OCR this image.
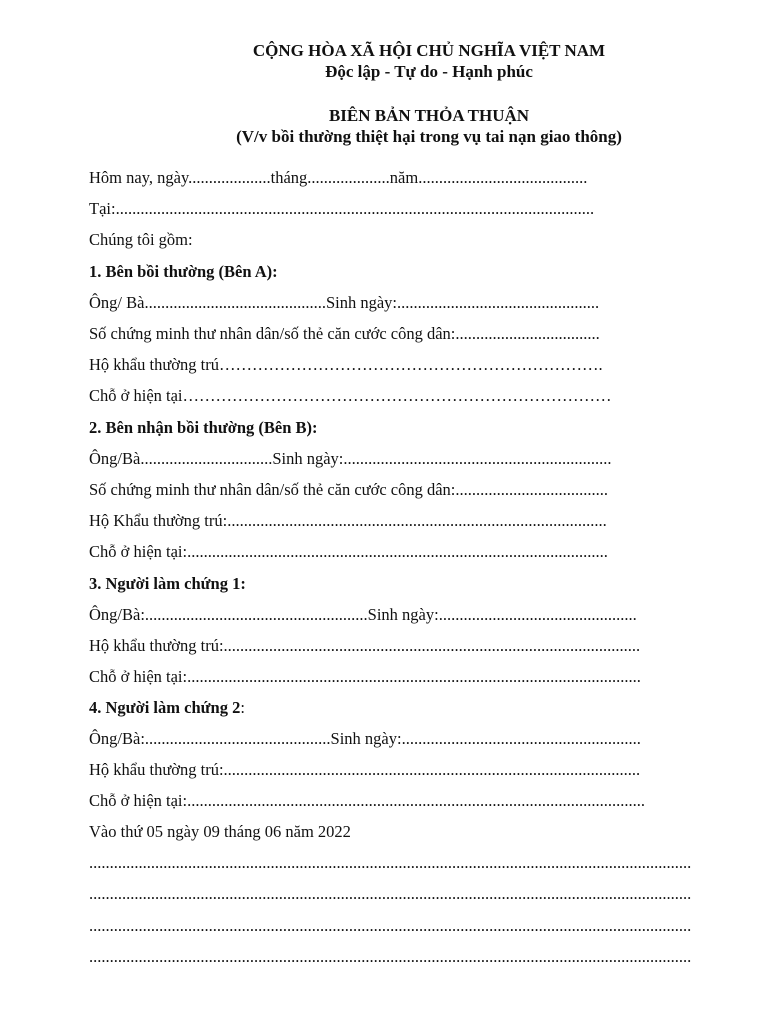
CỘNG HÒA XÃ HỘI CHỦ NGHĨA VIỆT NAM
Độc lập - Tự do - Hạnh phúc
BIÊN BẢN THỎA THUẬN
(V/v bồi thường thiệt hại trong vụ tai nạn giao thông)
Hôm nay, ngày....................tháng....................năm.........................................
Tại:....................................................................................................................
Chúng tôi gồm:
1. Bên bồi thường (Bên A):
Ông/ Bà............................................Sinh ngày:.................................................
Số chứng minh thư nhân dân/số thẻ căn cước công dân:...................................
Hộ khẩu thường trú…………………………………………………………….
Chỗ ở hiện tại……………………………………………………………………
2. Bên nhận bồi thường (Bên B):
Ông/Bà................................Sinh ngày:.................................................................
Số chứng minh thư nhân dân/số thẻ căn cước công dân:.....................................
Hộ Khẩu thường trú:............................................................................................
Chỗ ở hiện tại:......................................................................................................
3. Người làm chứng 1:
Ông/Bà:......................................................Sinh ngày:................................................
Hộ khẩu thường trú:.....................................................................................................
Chỗ ở hiện tại:..............................................................................................................
4. Người làm chứng 2:
Ông/Bà:.............................................Sinh ngày:..........................................................
Hộ khẩu thường trú:.....................................................................................................
Chỗ ở hiện tại:...............................................................................................................
Vào thứ 05 ngày 09 tháng 06 năm 2022
..................................................................................................................................................
..................................................................................................................................................
..................................................................................................................................................
..................................................................................................................................................
